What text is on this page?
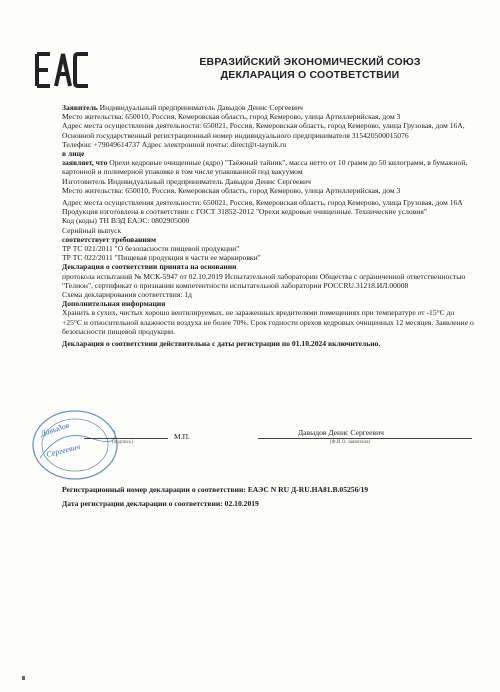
ЕВРАЗИЙСКИЙ ЭКОНОМИЧЕСКИЙ СОЮЗ
ДЕКЛАРАЦИЯ О СООТВЕТСТВИИ

Заявитель Индивидуальный предприниматель Давыдов Денис Сергеевич

Место жительства: 650010, Россия, Кемеровская область, город Кемерово, улица Артиллерийская, дом 3

Адрес места осуществления деятельности: 650021, Россия, Кемеровская область, город Кемерово, улица Грузовая, дом 16А, Основной государственный регистрационный номер индивидуального предпринимателя 315420500015076

Телефон: +79049614737 Адрес электронной почты: direct@t-taynik.ru

в лице

заявляет, что Орехи кедровые очищенные (ядро) "Таёжный тайник", масса нетто от 10 грамм до 50 килограмм, в бумажной, картонной и полимерной упаковке в том числе упакованной под вакуумом

Изготовитель Индивидуальный предприниматель Давыдов Денис Сергеевич

Место жительства: 650010, Россия, Кемеровская область, город Кемерово, улица Артиллерийская, дом 3

Адрес места осуществления деятельности: 650021, Россия, Кемеровская область, город Кемерово, улица Грузовая, дом 16А

Продукция изготовлена в соответствии с ГОСТ 31852-2012 "Орехи кедровые очищенные. Технические условия"

Код (коды) ТН ВЭД ЕАЭС: 0802905000

Серийный выпуск

соответствует требованиям

ТР ТС 021/2011 "О безопасности пищевой продукции"

ТР ТС 022/2011 "Пищевая продукция в части ее маркировки"

Декларация о соответствии принята на основании

протокола испытаний № МСК-5947 от 02.10.2019 Испытательной лаборатории Общества с ограниченной ответственностью "Гелион", сертификат о признании компетентности испытательной лаборатории РОССRU.31218.ИЛ.00008

Схема декларирования соответствия: 1д

Дополнительная информация

Хранить в сухих, чистых хорошо вентилируемых, не зараженных вредителями помещениях при температуре от -15°С до +25°С и относительной влажности воздуха не более 70%. Срок годности орехов кедровых очищенных 12 месяцев. Заявление о безопасности пищевой продукции.

Декларация о соответствии действительна с даты регистрации по 01.10.2024 включительно.

Давыдов
Сергеевич	(подпись)
М.П.	Давыдов Денис Сергеевич
(Ф.И.О. заявителя)
Регистрационный номер декларации о соответствии: ЕАЭС N RU Д-RU.HA81.B.05256/19
Дата регистрации декларации о соответствии: 02.10.2019
